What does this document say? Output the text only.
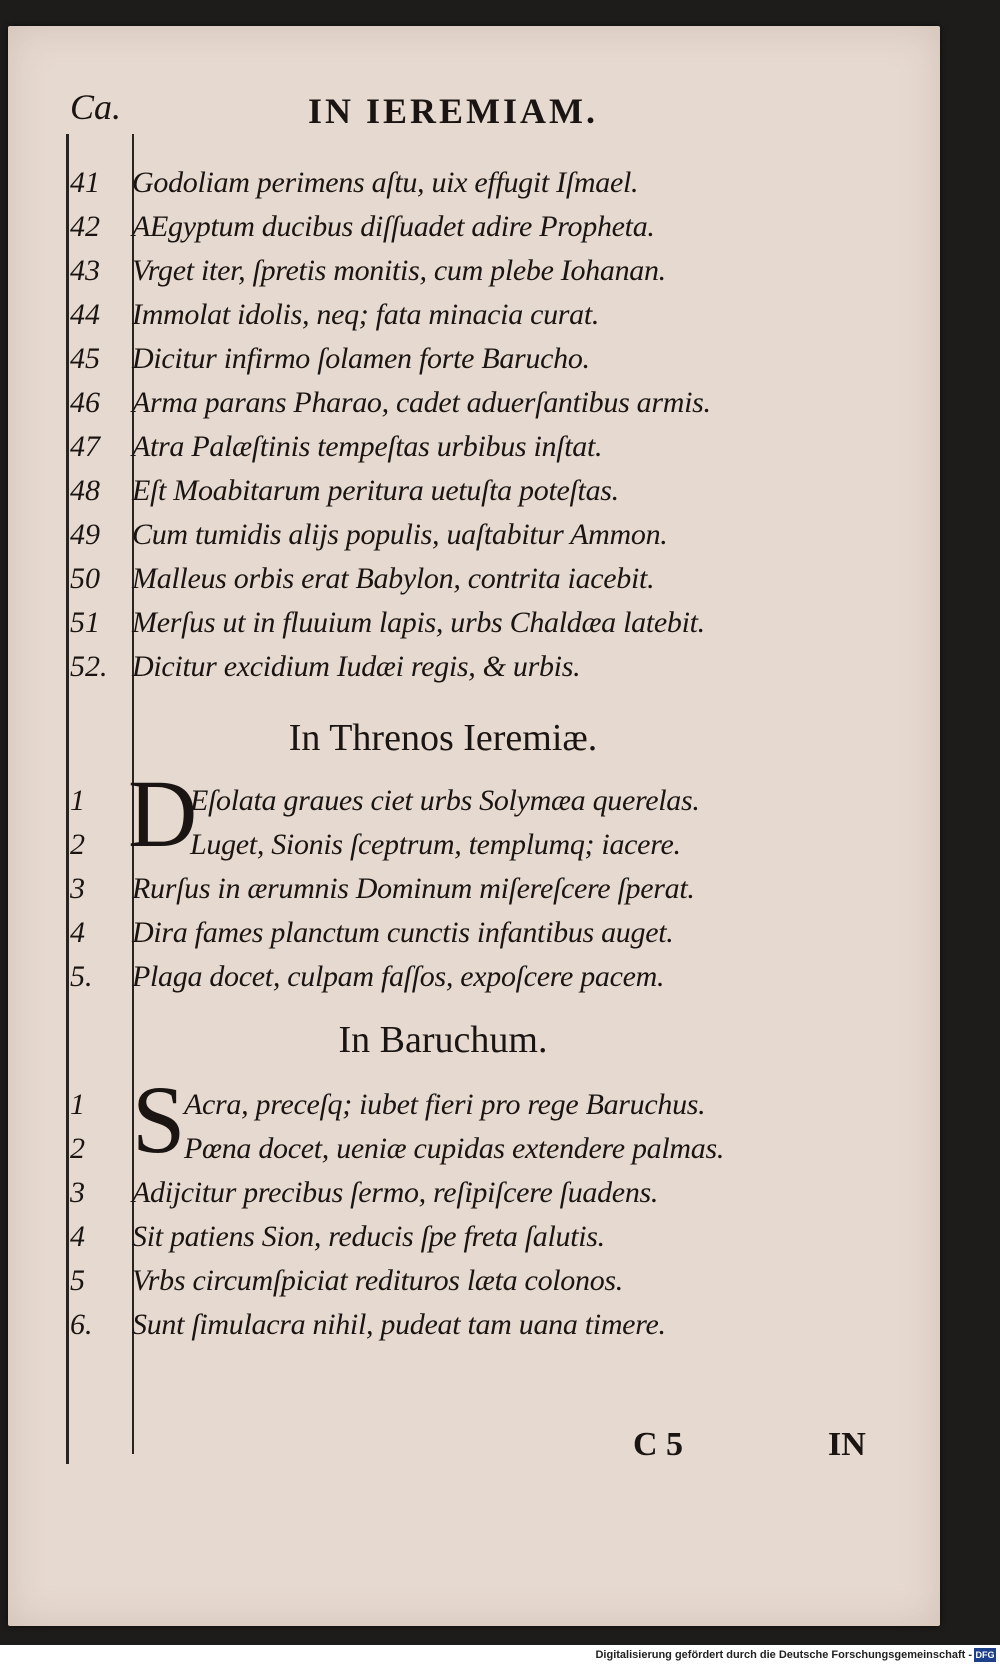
Ca.	IN IEREMIAM.
41	Godoliam perimens aſtu, uix effugit Iſmael.
42	AEgyptum ducibus diſſuadet adire Propheta.
43	Vrget iter, ſpretis monitis, cum plebe Iohanan.
44	Immolat idolis, neq; fata minacia curat.
45	Dicitur infirmo ſolamen forte Barucho.
46	Arma parans Pharao, cadet aduerſantibus armis.
47	Atra Palæſtinis tempeſtas urbibus inſtat.
48	Eſt Moabitarum peritura uetuſta poteſtas.
49	Cum tumidis alijs populis, uaſtabitur Ammon.
50	Malleus orbis erat Babylon, contrita iacebit.
51	Merſus ut in fluuium lapis, urbs Chaldæa latebit.
52. Dicitur excidium Iudæi regis, & urbis.
In Threnos Ieremiæ.
D
1	Eſolata graues ciet urbs Solymæa querelas.
2	Luget, Sionis ſceptrum, templumq; iacere.
3	Rurſus in ærumnis Dominum miſereſcere ſperat.
4	Dira fames planctum cunctis infantibus auget.
5.	Plaga docet, culpam faſſos, expoſcere pacem.
In Baruchum.
S
1	Acra, preceſq; iubet fieri pro rege Baruchus.
2	Pœna docet, ueniæ cupidas extendere palmas.
3	Adijcitur precibus ſermo, reſipiſcere ſuadens.
4	Sit patiens Sion, reducis ſpe freta ſalutis.
5	Vrbs circumſpiciat redituros læta colonos.
6.	Sunt ſimulacra nihil, pudeat tam uana timere.
C 5	IN
Digitalisierung gefördert durch die Deutsche Forschungsgemeinschaft - DFG
